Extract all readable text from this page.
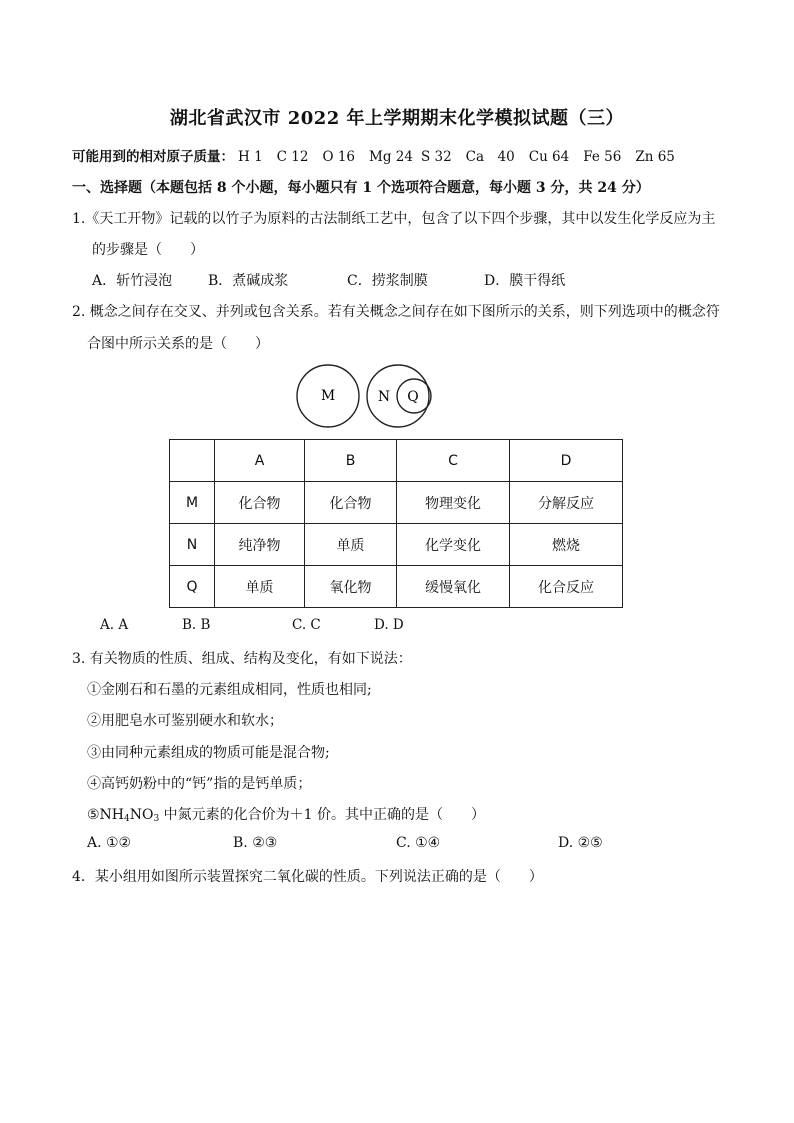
湖北省武汉市 2022 年上学期期末化学模拟试题（三）
可能用到的相对原子质量： H 1 C 12 O 16 Mg 24 S 32 Ca　40 Cu 64 Fe 56 Zn 65
一、选择题（本题包括 8 个小题，每小题只有 1 个选项符合题意，每小题 3 分，共 24 分）
1.《天工开物》记载的以竹子为原料的古法制纸工艺中，包含了以下四个步骤，其中以发生化学反应为主
的步骤是（　　）
A．斩竹浸泡	B．煮碱成浆	C．捞浆制膜	D．膜干得纸
2. 概念之间存在交叉、并列或包含关系。若有关概念之间存在如下图所示的关系，则下列选项中的概念符
合图中所示关系的是（　　）
M	N Q
	A	B	C	D
M	化合物	化合物	物理变化	分解反应
N	纯净物	单质	化学变化	燃烧
Q	单质	氧化物	缓慢氧化	化合反应
A. A	B. B	C. C	D. D
3. 有关物质的性质、组成、结构及变化，有如下说法：
①金刚石和石墨的元素组成相同，性质也相同;
②用肥皂水可鉴别硬水和软水；
③由同种元素组成的物质可能是混合物;
④高钙奶粉中的“钙”指的是钙单质；
$⑤NH_4NO_3$ 中氮元素的化合价为＋1 价。其中正确的是（　　）
A. ①②	B. ②③	C. ①④	D. ②⑤
4．某小组用如图所示装置探究二氧化碳的性质。下列说法正确的是（　　）
